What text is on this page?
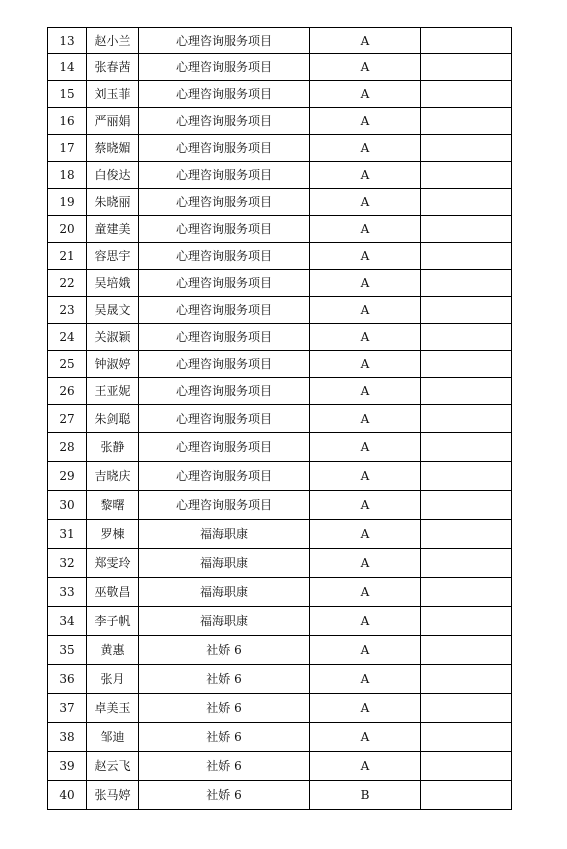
13	赵小兰	心理咨询服务项目	A	
14	张春茜	心理咨询服务项目	A	
15	刘玉菲	心理咨询服务项目	A	
16	严丽娟	心理咨询服务项目	A	
17	蔡晓媚	心理咨询服务项目	A	
18	白俊达	心理咨询服务项目	A	
19	朱晓丽	心理咨询服务项目	A	
20	童建美	心理咨询服务项目	A	
21	容思宇	心理咨询服务项目	A	
22	吴培娥	心理咨询服务项目	A	
23	吴晟文	心理咨询服务项目	A	
24	关淑颖	心理咨询服务项目	A	
25	钟淑婷	心理咨询服务项目	A	
26	王亚妮	心理咨询服务项目	A	
27	朱剑聪	心理咨询服务项目	A	
28	张静	心理咨询服务项目	A	
29	吉晓庆	心理咨询服务项目	A	
30	黎曙	心理咨询服务项目	A	
31	罗棟	福海职康	A	
32	郑雯玲	福海职康	A	
33	巫敬昌	福海职康	A	
34	李子帆	福海职康	A	
35	黄惠	社娇 6	A	
36	张月	社娇 6	A	
37	卓美玉	社娇 6	A	
38	邹迪	社娇 6	A	
39	赵云飞	社娇 6	A	
40	张马婷	社娇 6	B	
